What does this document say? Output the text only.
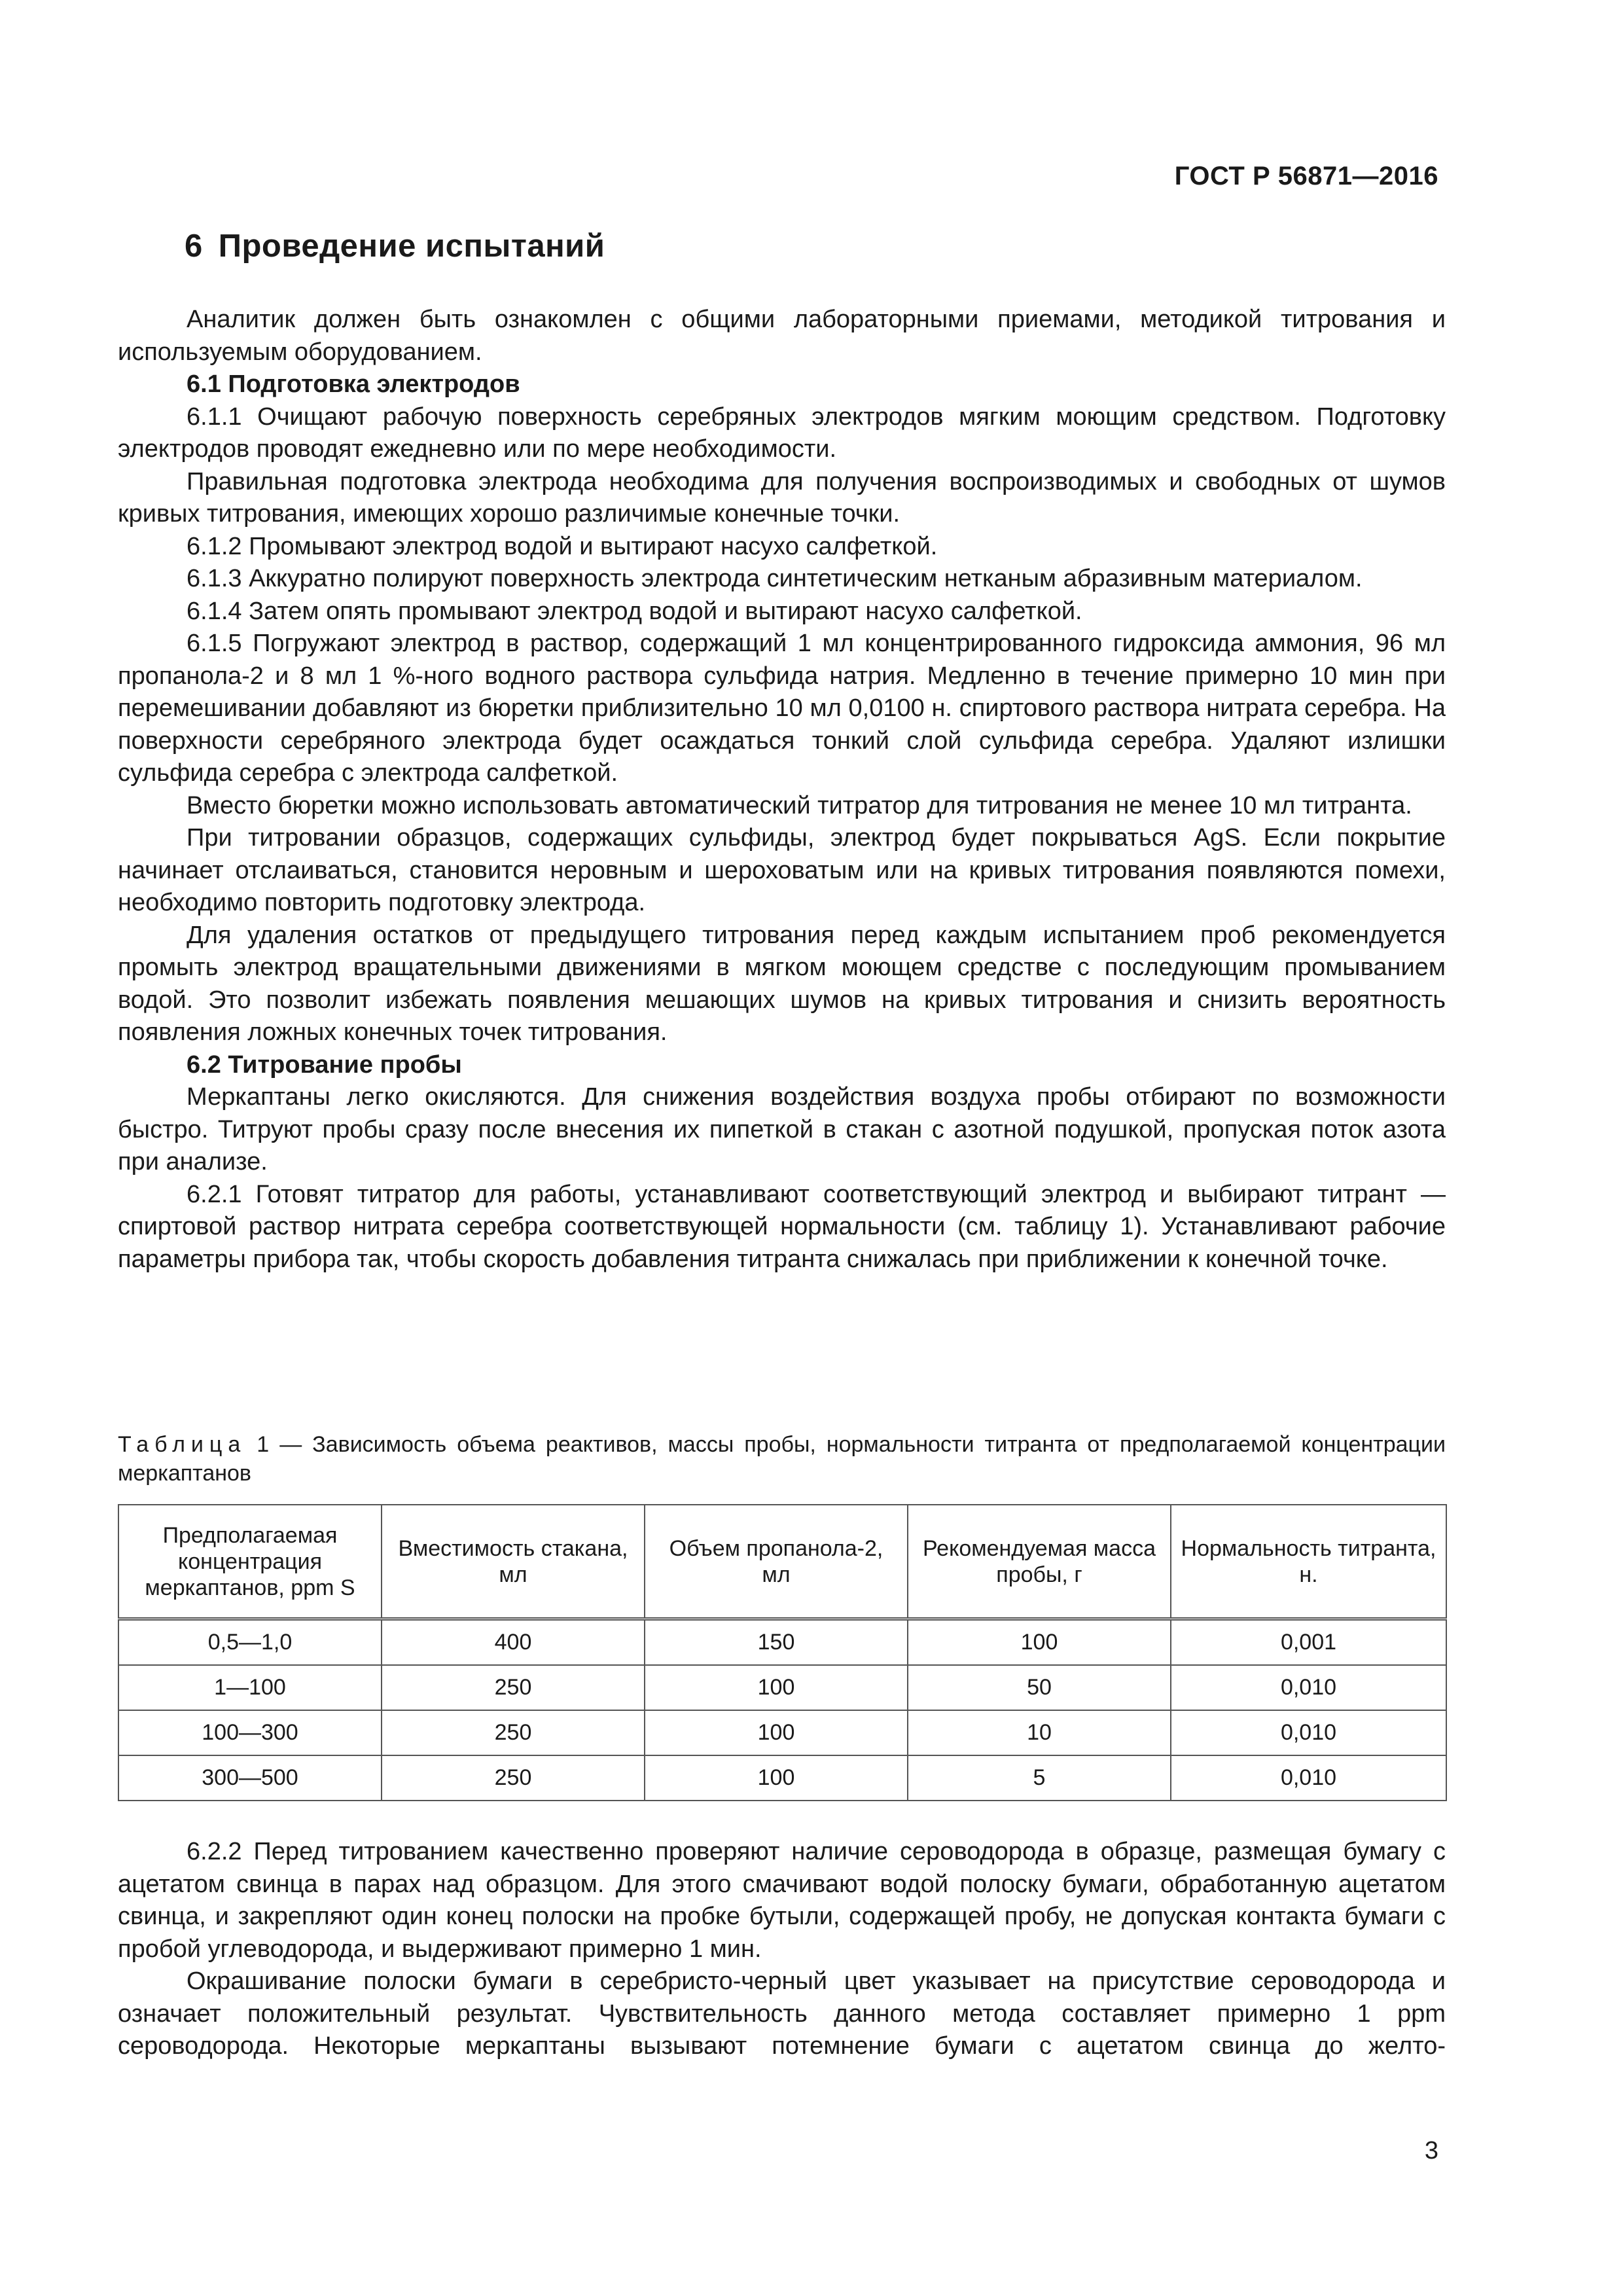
ГОСТ Р 56871—2016
6 Проведение испытаний

Аналитик должен быть ознакомлен с общими лабораторными приемами, методикой титрования и используемым оборудованием.

6.1 Подготовка электродов

6.1.1 Очищают рабочую поверхность серебряных электродов мягким моющим средством. Подготовку электродов проводят ежедневно или по мере необходимости.

Правильная подготовка электрода необходима для получения воспроизводимых и свободных от шумов кривых титрования, имеющих хорошо различимые конечные точки.

6.1.2 Промывают электрод водой и вытирают насухо салфеткой.

6.1.3 Аккуратно полируют поверхность электрода синтетическим нетканым абразивным материалом.

6.1.4 Затем опять промывают электрод водой и вытирают насухо салфеткой.

6.1.5 Погружают электрод в раствор, содержащий 1 мл концентрированного гидроксида аммония, 96 мл пропанола-2 и 8 мл 1 %-ного водного раствора сульфида натрия. Медленно в течение примерно 10 мин при перемешивании добавляют из бюретки приблизительно 10 мл 0,0100 н. спиртового раствора нитрата серебра. На поверхности серебряного электрода будет осаждаться тонкий слой сульфида серебра. Удаляют излишки сульфида серебра с электрода салфеткой.

Вместо бюретки можно использовать автоматический титратор для титрования не менее 10 мл титранта.

При титровании образцов, содержащих сульфиды, электрод будет покрываться AgS. Если покрытие начинает отслаиваться, становится неровным и шероховатым или на кривых титрования появляются помехи, необходимо повторить подготовку электрода.

Для удаления остатков от предыдущего титрования перед каждым испытанием проб рекомендуется промыть электрод вращательными движениями в мягком моющем средстве с последующим промыванием водой. Это позволит избежать появления мешающих шумов на кривых титрования и снизить вероятность появления ложных конечных точек титрования.

6.2 Титрование пробы

Меркаптаны легко окисляются. Для снижения воздействия воздуха пробы отбирают по возможности быстро. Титруют пробы сразу после внесения их пипеткой в стакан с азотной подушкой, пропуская поток азота при анализе.

6.2.1 Готовят титратор для работы, устанавливают соответствующий электрод и выбирают титрант — спиртовой раствор нитрата серебра соответствующей нормальности (см. таблицу 1). Устанавливают рабочие параметры прибора так, чтобы скорость добавления титранта снижалась при приближении к конечной точке.

Таблица 1 — Зависимость объема реактивов, массы пробы, нормальности титранта от предполагаемой концентрации меркаптанов
Предполагаемая концентрация меркаптанов, ppm S	Вместимость стакана, мл	Объем пропанола-2, мл	Рекомендуемая масса пробы, г	Нормальность титранта, н.
0,5—1,0	400	150	100	0,001
1—100	250	100	50	0,010
100—300	250	100	10	0,010
300—500	250	100	5	0,010

6.2.2 Перед титрованием качественно проверяют наличие сероводорода в образце, размещая бумагу с ацетатом свинца в парах над образцом. Для этого смачивают водой полоску бумаги, обработанную ацетатом свинца, и закрепляют один конец полоски на пробке бутыли, содержащей пробу, не допуская контакта бумаги с пробой углеводорода, и выдерживают примерно 1 мин.

Окрашивание полоски бумаги в серебристо-черный цвет указывает на присутствие сероводорода и означает положительный результат. Чувствительность данного метода составляет примерно 1 ppm сероводорода. Некоторые меркаптаны вызывают потемнение бумаги с ацетатом свинца до желто-

3
